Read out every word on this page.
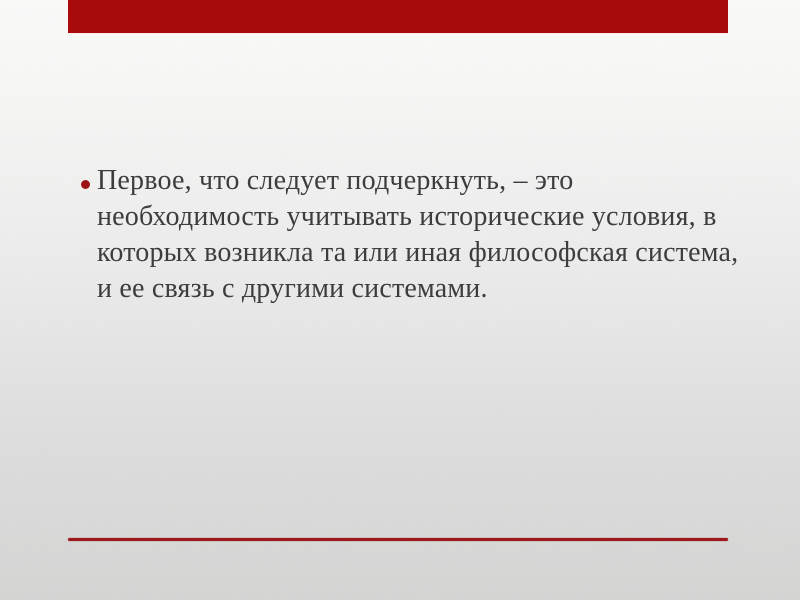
Первое, что следует подчеркнуть, – это
необходимость учитывать исторические условия, в
которых возникла та или иная философская система,
и ее связь с другими системами.
